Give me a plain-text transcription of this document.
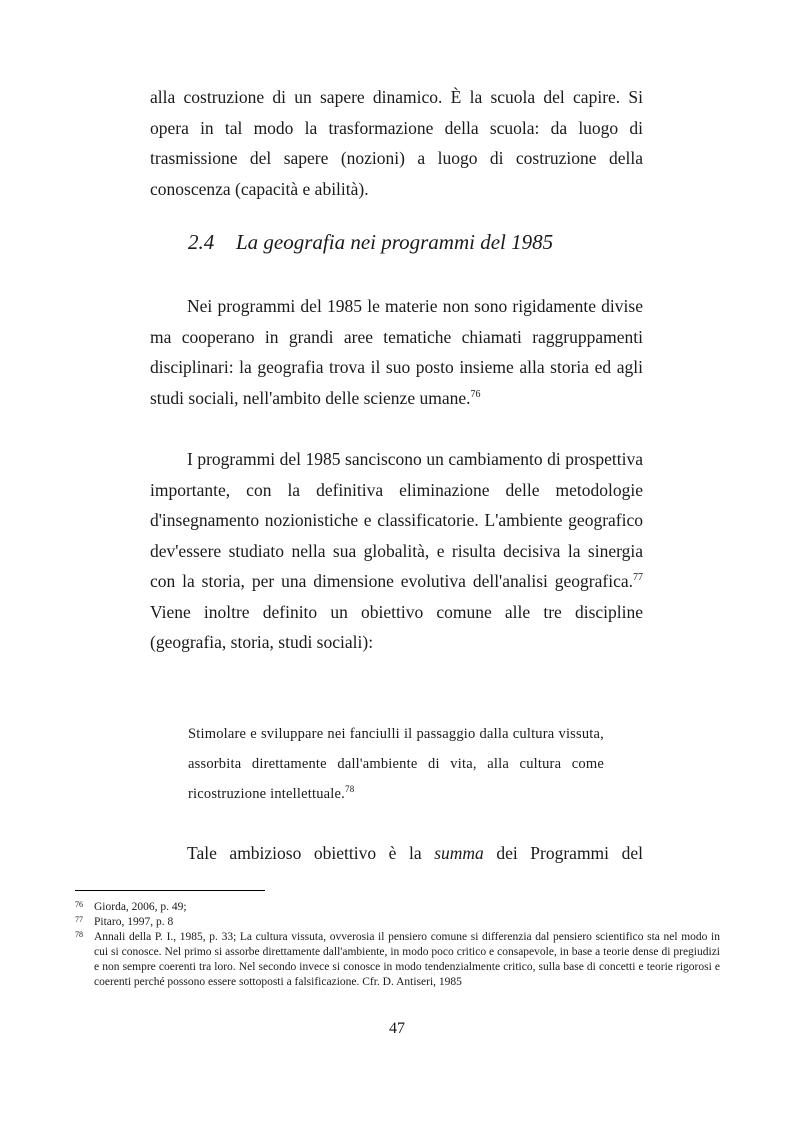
alla costruzione di un sapere dinamico. È la scuola del capire. Si
opera in tal modo la trasformazione della scuola: da luogo di trasmissione del sapere (nozioni) a luogo di costruzione della conoscenza (capacità e abilità).

2.4 La geografia nei programmi del 1985

Nei programmi del 1985 le materie non sono rigidamente divise ma cooperano in grandi aree tematiche chiamati raggruppamenti disciplinari: la geografia trova il suo posto insieme alla storia ed agli studi sociali, nell'ambito delle scienze umane.$^{76}$

I programmi del 1985 sanciscono un cambiamento di prospettiva importante, con la definitiva eliminazione delle metodologie d'insegnamento nozionistiche e classificatorie. L'ambiente geografico dev'essere studiato nella sua globalità, e risulta decisiva la sinergia con la storia, per una dimensione evolutiva dell'analisi geografica.$^{77}$ Viene inoltre definito un obiettivo comune alle tre discipline (geografia, storia, studi sociali):

Stimolare e sviluppare nei fanciulli il passaggio dalla cultura vissuta, assorbita direttamente dall'ambiente di vita, alla cultura come ricostruzione intellettuale.$^{78}$

Tale ambizioso obiettivo è la summa dei Programmi del

76 Giorda, 2006, p. 49;
77 Pitaro, 1997, p. 8
78 Annali della P. I., 1985, p. 33; La cultura vissuta, ovverosia il pensiero comune si differenzia dal pensiero scientifico sta nel modo in cui si conosce. Nel primo si assorbe direttamente dall'ambiente, in modo poco critico e consapevole, in base a teorie dense di pregiudizi e non sempre coerenti tra loro. Nel secondo invece si conosce in modo tendenzialmente critico, sulla base di concetti e teorie rigorosi e coerenti perché possono essere sottoposti a falsificazione. Cfr. D. Antiseri, 1985
47
